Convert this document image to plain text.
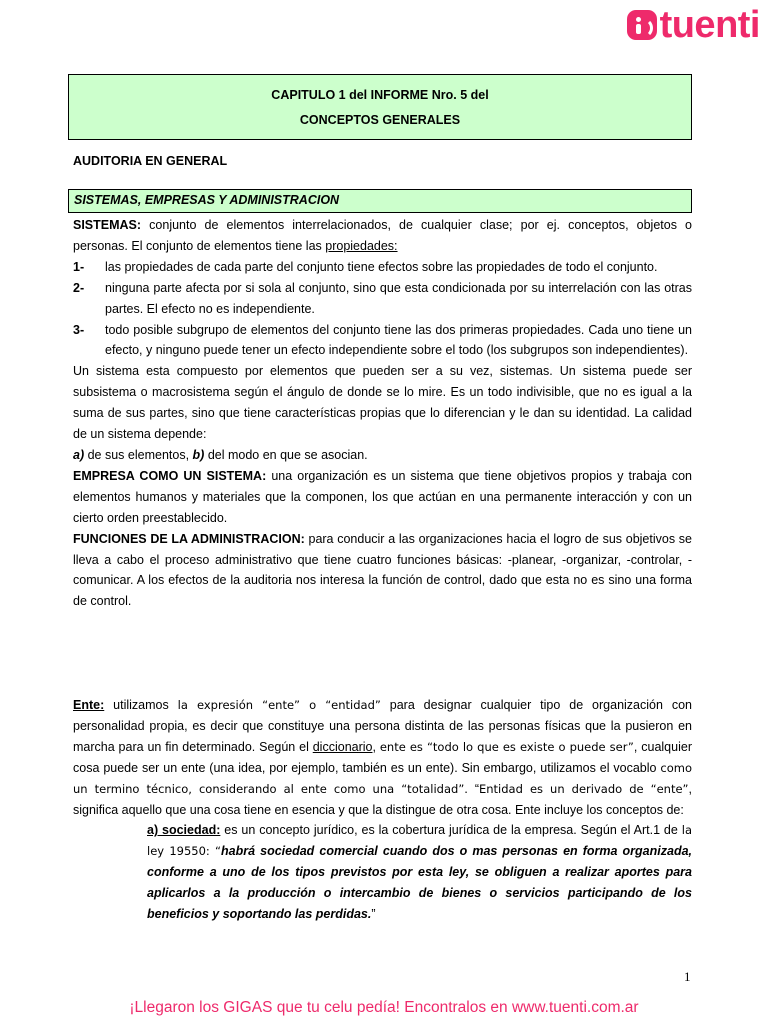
tuenti
CAPITULO 1 del INFORME Nro. 5 del
CONCEPTOS GENERALES
AUDITORIA EN GENERAL
SISTEMAS, EMPRESAS Y ADMINISTRACION

SISTEMAS: conjunto de elementos interrelacionados, de cualquier clase; por ej. conceptos, objetos o personas. El conjunto de elementos tiene las propiedades:

1-	las propiedades de cada parte del conjunto tiene efectos sobre las propiedades de todo el conjunto.
2-	ninguna parte afecta por si sola al conjunto, sino que esta condicionada por su interrelación con las otras partes. El efecto no es independiente.
3-	todo posible subgrupo de elementos del conjunto tiene las dos primeras propiedades. Cada uno tiene un efecto, y ninguno puede tener un efecto independiente sobre el todo (los subgrupos son independientes).

Un sistema esta compuesto por elementos que pueden ser a su vez, sistemas. Un sistema puede ser subsistema o macrosistema según el ángulo de donde se lo mire. Es un todo indivisible, que no es igual a la suma de sus partes, sino que tiene características propias que lo diferencian y le dan su identidad. La calidad de un sistema depende:

a) de sus elementos, b) del modo en que se asocian.

EMPRESA COMO UN SISTEMA: una organización es un sistema que tiene objetivos propios y trabaja con elementos humanos y materiales que la componen, los que actúan en una permanente interacción y con un cierto orden preestablecido.

FUNCIONES DE LA ADMINISTRACION: para conducir a las organizaciones hacia el logro de sus objetivos se lleva a cabo el proceso administrativo que tiene cuatro funciones básicas: -planear, -organizar, -controlar, -comunicar. A los efectos de la auditoria nos interesa la función de control, dado que esta no es sino una forma de control.

Ente: utilizamos la expresión “ente” o “entidad” para designar cualquier tipo de organización con personalidad propia, es decir que constituye una persona distinta de las personas físicas que la pusieron en marcha para un fin determinado. Según el diccionario, ente es “todo lo que es existe o puede ser”, cualquier cosa puede ser un ente (una idea, por ejemplo, también es un ente). Sin embargo, utilizamos el vocablo como un termino técnico, considerando al ente como una “totalidad”. “Entidad es un derivado de “ente”, significa aquello que una cosa tiene en esencia y que la distingue de otra cosa. Ente incluye los conceptos de:

a) sociedad: es un concepto jurídico, es la cobertura jurídica de la empresa. Según el Art.1 de la ley 19550: “habrá sociedad comercial cuando dos o mas personas en forma organizada, conforme a uno de los tipos previstos por esta ley, se obliguen a realizar aportes para aplicarlos a la producción o intercambio de bienes o servicios participando de los beneficios y soportando las perdidas.”

1
¡Llegaron los GIGAS que tu celu pedía! Encontralos en www.tuenti.com.ar
